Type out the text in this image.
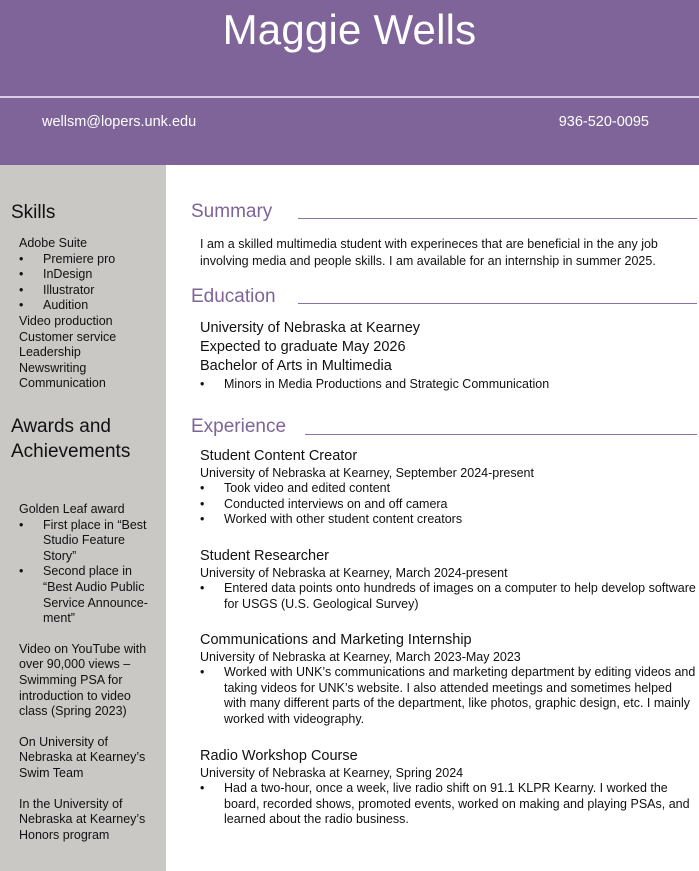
Maggie Wells
wellsm@lopers.unk.edu	936-520-0095
Skills
Adobe Suite
• Premiere pro
• InDesign
• Illustrator
• Audition
Video production
Customer service
Leadership
Newswriting
Communication
Awards and Achievements
Golden Leaf award
• First place in “Best Studio Feature Story”
• Second place in “Best Audio Public Service Announce-ment”
Video on YouTube with over 90,000 views – Swimming PSA for introduction to video class (Spring 2023)
On University of Nebraska at Kearney’s Swim Team
In the University of Nebraska at Kearney’s Honors program
Summary
I am a skilled multimedia student with experineces that are beneficial in the any job involving media and people skills. I am available for an internship in summer 2025.
Education
University of Nebraska at Kearney
Expected to graduate May 2026
Bachelor of Arts in Multimedia
• Minors in Media Productions and Strategic Communication
Experience
Student Content Creator
University of Nebraska at Kearney, September 2024-present
• Took video and edited content
• Conducted interviews on and off camera
• Worked with other student content creators
Student Researcher
University of Nebraska at Kearney, March 2024-present
• Entered data points onto hundreds of images on a computer to help develop software for USGS (U.S. Geological Survey)
Communications and Marketing Internship
University of Nebraska at Kearney, March 2023-May 2023
• Worked with UNK’s communications and marketing department by editing videos and taking videos for UNK’s website. I also attended meetings and sometimes helped with many different parts of the department, like photos, graphic design, etc. I mainly worked with videography.
Radio Workshop Course
University of Nebraska at Kearney, Spring 2024
• Had a two-hour, once a week, live radio shift on 91.1 KLPR Kearny. I worked the board, recorded shows, promoted events, worked on making and playing PSAs, and learned about the radio business.
